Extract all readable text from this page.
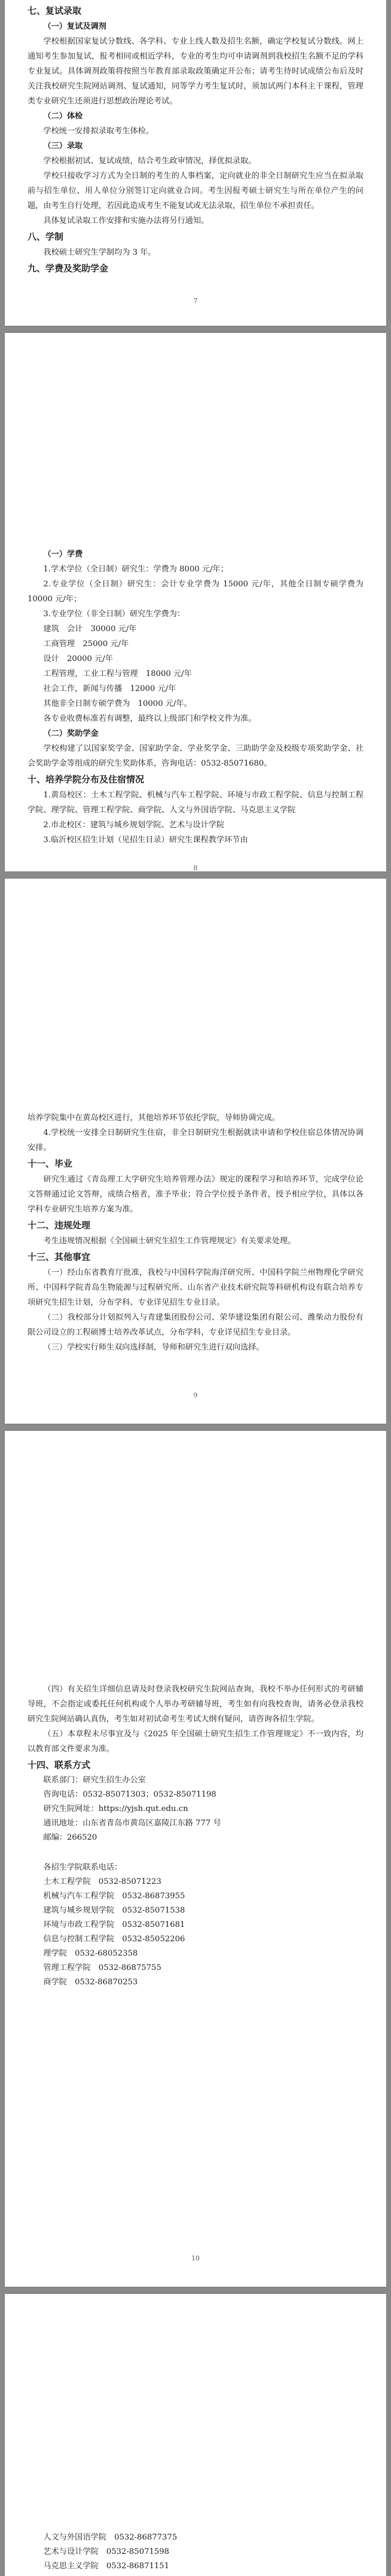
七、复试录取

（一）复试及调剂

学校根据国家复试分数线、各学科、专业上线人数及招生名额，确定学校复试分数线。网上通知考生参加复试，报考相同或相近学科，专业的考生均可申请调剂到我校招生名额不足的学科专业复试。具体调剂政策将按照当年教育部录取政策确定开公布；请考生待时试成绩公布后及时关注我校研究生院网站调剂、复试通知，同等学力考生复试时，须加试两门本科主干课程，管理类专业研究生还须进行思想政治理论考试。

（二）体检

学校统一安排拟录取考生体检。

（三）录取

学校根据初试、复试成绩，结合考生政审情况，择优拟录取。

学校只接收学习方式为全日制的考生的人事档案，定向就业的非全日制研究生应当在拟录取前与招生单位、用人单位分别签订定向就业合同。考生因报考硕士研究生与所在单位产生的问题，由考生自行处理，若因此造成考生不能复试或无法录取，招生单位不承担责任。

具体复试录取工作安排和实施办法将另行通知。

八、学制

我校硕士研究生学制均为 3 年。

九、学费及奖助学金

7

（一）学费

1.学术学位（全日制）研究生：学费为 8000 元/年；

2.专业学位（全日制）研究生：会计专业学费为 15000 元/年，其他全日制专硕学费为 10000 元/年；

3.专业学位（非全日制）研究生学费为：

建筑　会计　30000 元/年

工商管理　25000 元/年

设计　20000 元/年

工程管理，工业工程与管理　18000 元/年

社会工作，新闻与传播　12000 元/年

其他非全日制专硕学费为　10000 元/年。

各专业收费标准若有调整，最终以上级部门和学校文件为准。

（二）奖助学金

学校构建了以国家奖学金、国家助学金、学业奖学金、三助助学金及校级专项奖助学金、社会奖助学金等组成的研究生奖助体系，咨询电话：0532-85071680。

十、培养学院分布及住宿情况

1.黄岛校区：土木工程学院、机械与汽车工程学院、环境与市政工程学院、信息与控制工程学院、理学院、管理工程学院、商学院、人文与外国语学院、马克思主义学院

2.市北校区：建筑与城乡规划学院、艺术与设计学院

3.临沂校区招生计划（见招生目录）研究生课程教学环节由

8

培养学院集中在黄岛校区进行，其他培养环节依托学院，导师协调完成。

4.学校统一安排全日制研究生住宿，非全日制研究生根据就读申请和学校住宿总体情况协调安排。

十一、毕业

研究生通过《青岛理工大学研究生培养管理办法》规定的课程学习和培养环节，完成学位论文答辩通过论文答辩，成绩合格者，准予毕业；符合学位授予条件者，授予相应学位，具体以各学科专业研究生培养方案为准。

十二、违规处理

考生违规情况根据《全国硕士研究生招生工作管理规定》有关要求处理。

十三、其他事宜

（一）经山东省教育厅批准，我校与中国科学院海洋研究所、中国科学院兰州物理化学研究所、中国科学院青岛生物能源与过程研究所、山东省产业技术研究院等科研机构设有联合培养专项研究生招生计划，分布学科、专业详见招生专业目录。

（二）我校部分计划拟列入与青建集团股份公司、荣华建设集团有限公司、潍柴动力股份有限公司设立的工程硕博士培养改革试点，分布学科，专业详见招生专业目录。

（三）学校实行师生双向选择制，导师和研究生进行双向选择。

9

（四）有关招生详细信息请及时登录我校研究生院网站查询，我校不举办任何形式的考研辅导班，不会指定或委托任何机构或个人举办考研辅导班，考生如有向我校查询，请务必登录我校研究生院网站确认真伪，考生如对初试命考生考试大纲有疑问，请咨询各招生学院。

（五）本章程未尽事宜及与《2025 年全国硕士研究生招生工作管理规定》不一致内容，均以教育部文件要求为准。

十四、联系方式

联系部门：研究生招生办公室

咨询电话：0532-85071303；0532-85071198

研究生院网址：https://yjsh.qut.edu.cn

通讯地址：山东省青岛市黄岛区嘉陵江东路 777 号

邮编：266520

各招生学院联系电话：

土木工程学院　0532-85071223

机械与汽车工程学院　0532-86873955

建筑与城乡规划学院　0532-85071538

环境与市政工程学院　0532-85071681

信息与控制工程学院　0532-85052206

理学院　0532-68052358

管理工程学院　0532-86875755

商学院　0532-86870253

10

人文与外国语学院　0532-86877375

艺术与设计学院　0532-85071598

马克思主义学院　0532-86871151
